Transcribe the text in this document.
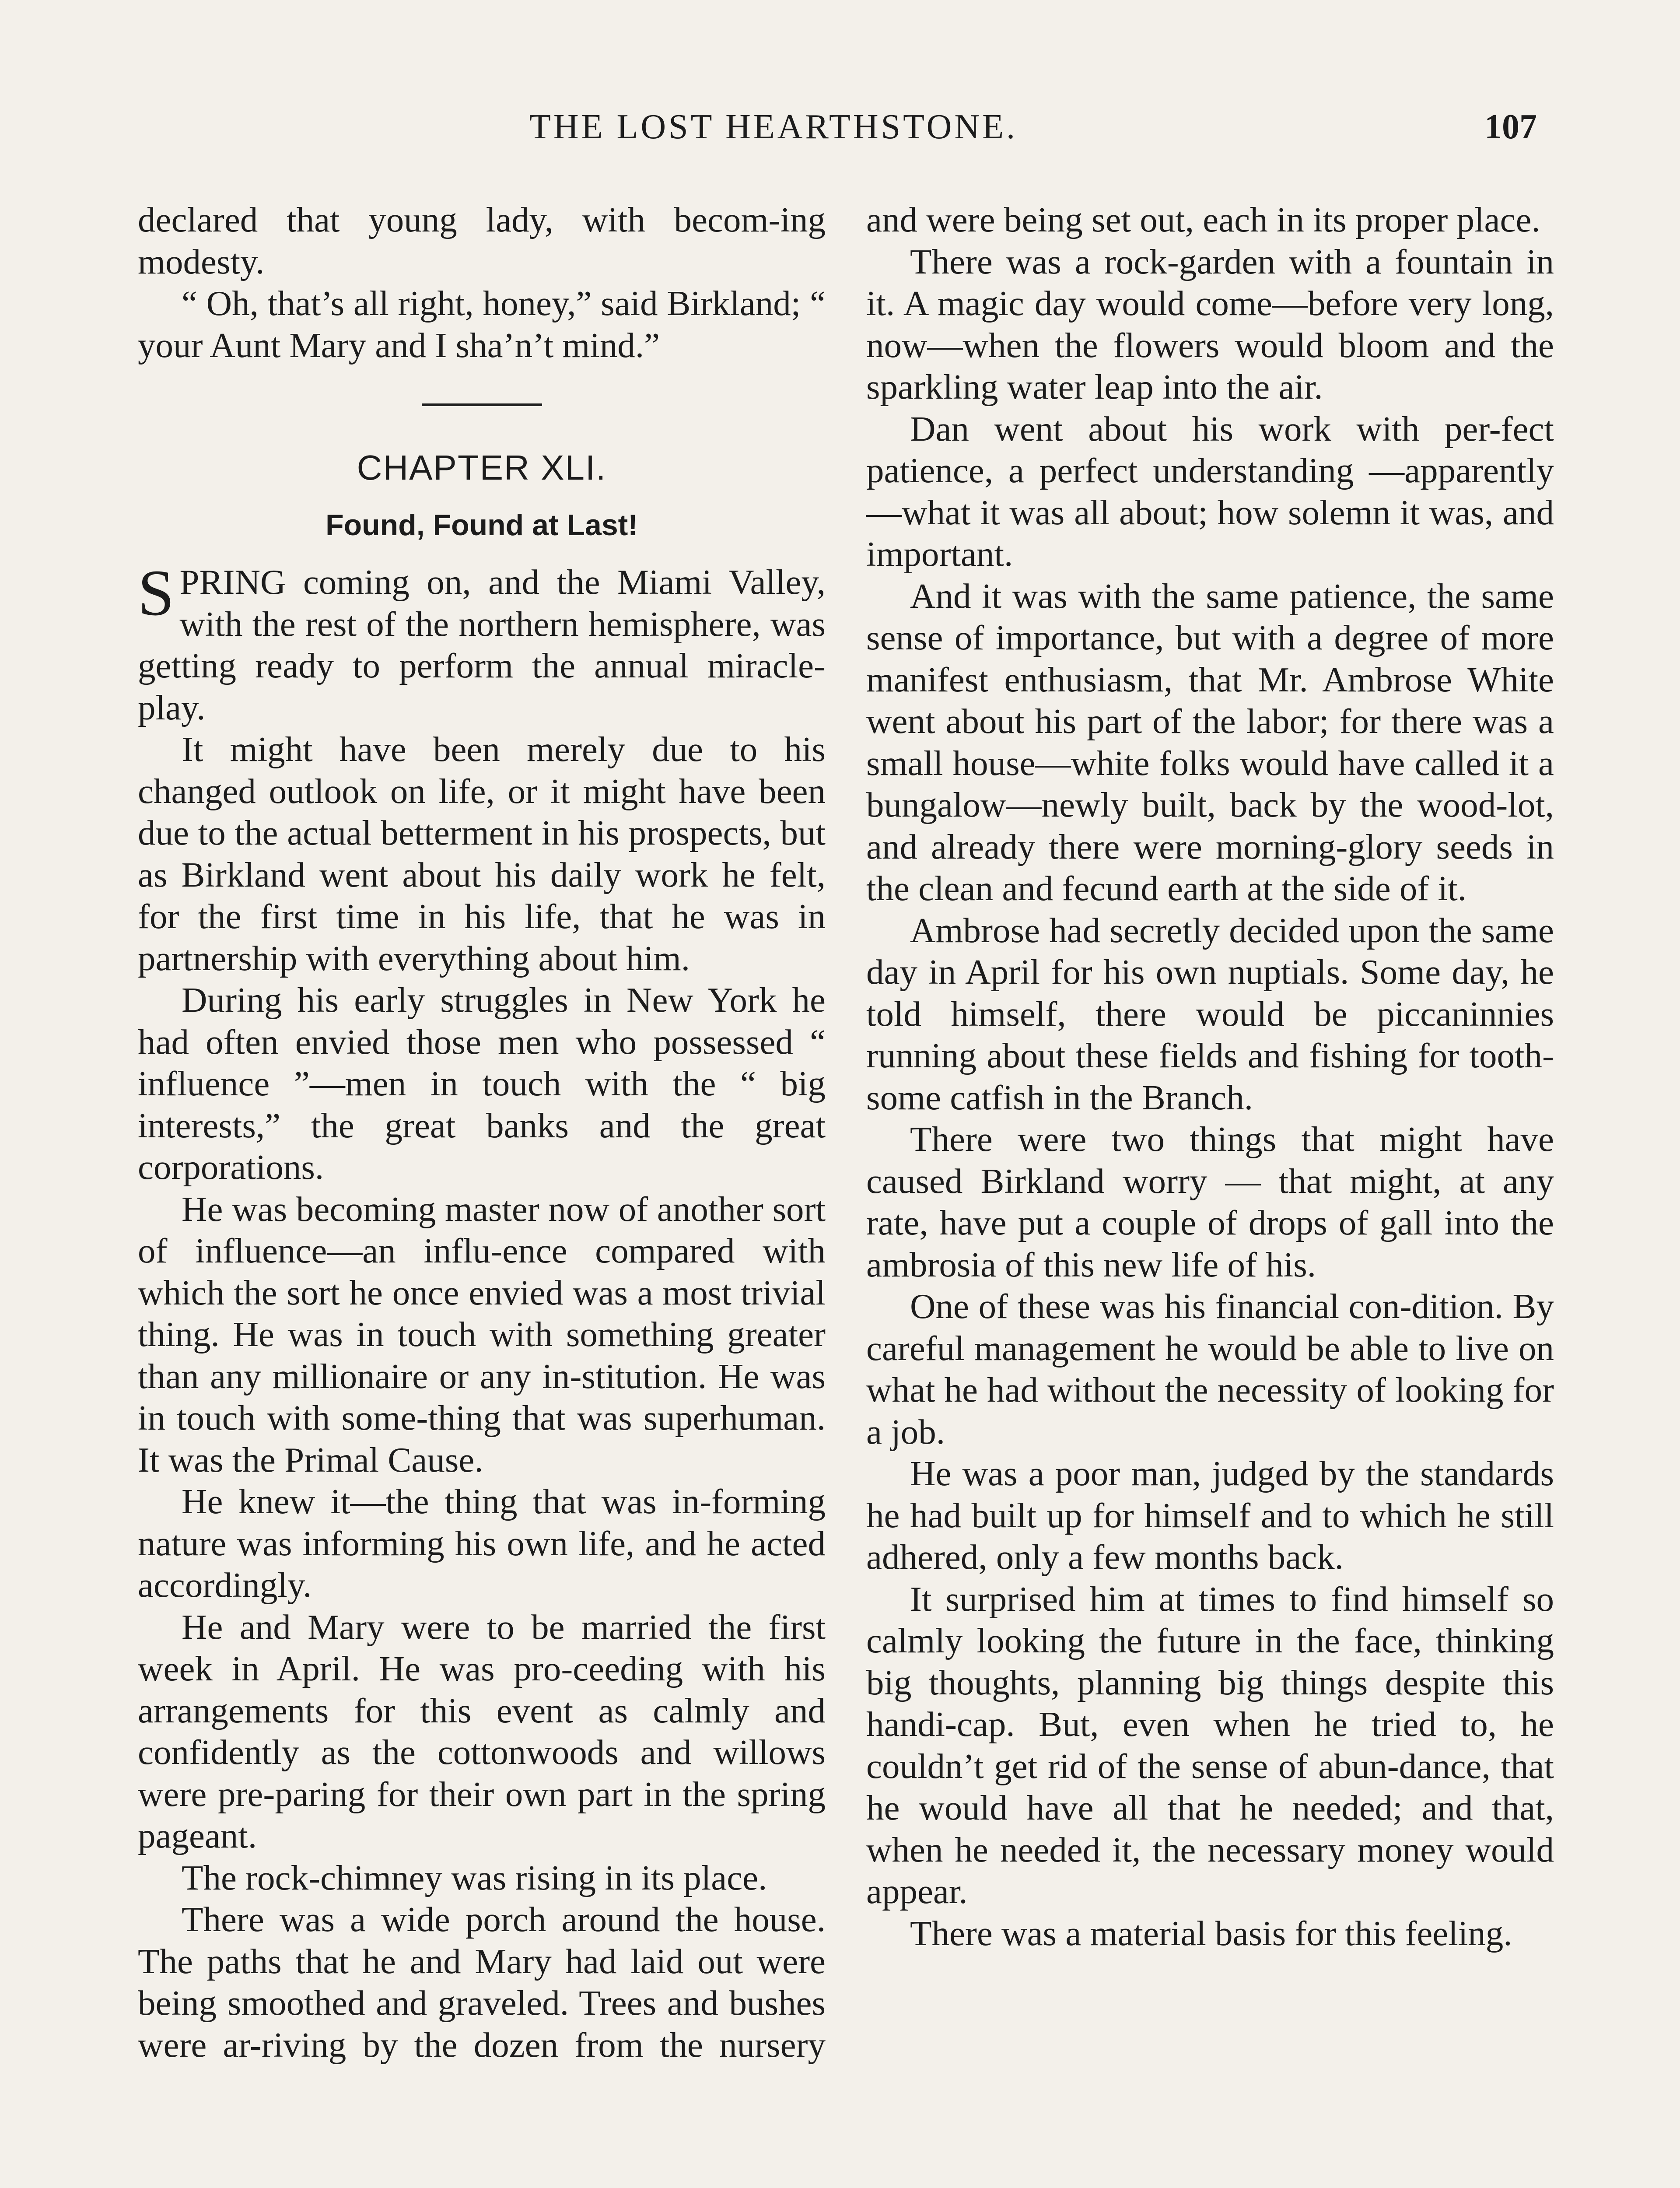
THE LOST HEARTHSTONE.	107

declared that young lady, with becom-ing modesty.

“ Oh, that’s all right, honey,” said Birkland; “ your Aunt Mary and I sha’n’t mind.”

CHAPTER XLI.
Found, Found at Last!

SPRING coming on, and the Miami Valley, with the rest of the northern hemisphere, was getting ready to perform the annual miracle-play.

It might have been merely due to his changed outlook on life, or it might have been due to the actual betterment in his prospects, but as Birkland went about his daily work he felt, for the first time in his life, that he was in partnership with everything about him.

During his early struggles in New York he had often envied those men who possessed “ influence ”—men in touch with the “ big interests,” the great banks and the great corporations.

He was becoming master now of another sort of influence—an influ-ence compared with which the sort he once envied was a most trivial thing. He was in touch with something greater than any millionaire or any in-stitution. He was in touch with some-thing that was superhuman. It was the Primal Cause.

He knew it—the thing that was in-forming nature was informing his own life, and he acted accordingly.

He and Mary were to be married the first week in April. He was pro-ceeding with his arrangements for this event as calmly and confidently as the cottonwoods and willows were pre-paring for their own part in the spring pageant.

The rock-chimney was rising in its place.

There was a wide porch around the house. The paths that he and Mary had laid out were being smoothed and graveled. Trees and bushes were ar-riving by the dozen from the nursery

and were being set out, each in its proper place.

There was a rock-garden with a fountain in it. A magic day would come—before very long, now—when the flowers would bloom and the sparkling water leap into the air.

Dan went about his work with per-fect patience, a perfect understanding —apparently—what it was all about; how solemn it was, and important.

And it was with the same patience, the same sense of importance, but with a degree of more manifest enthusiasm, that Mr. Ambrose White went about his part of the labor; for there was a small house—white folks would have called it a bungalow—newly built, back by the wood-lot, and already there were morning-glory seeds in the clean and fecund earth at the side of it.

Ambrose had secretly decided upon the same day in April for his own nuptials. Some day, he told himself, there would be piccaninnies running about these fields and fishing for tooth-some catfish in the Branch.

There were two things that might have caused Birkland worry — that might, at any rate, have put a couple of drops of gall into the ambrosia of this new life of his.

One of these was his financial con-dition. By careful management he would be able to live on what he had without the necessity of looking for a job.

He was a poor man, judged by the standards he had built up for himself and to which he still adhered, only a few months back.

It surprised him at times to find himself so calmly looking the future in the face, thinking big thoughts, planning big things despite this handi-cap. But, even when he tried to, he couldn’t get rid of the sense of abun-dance, that he would have all that he needed; and that, when he needed it, the necessary money would appear.

There was a material basis for this feeling.
